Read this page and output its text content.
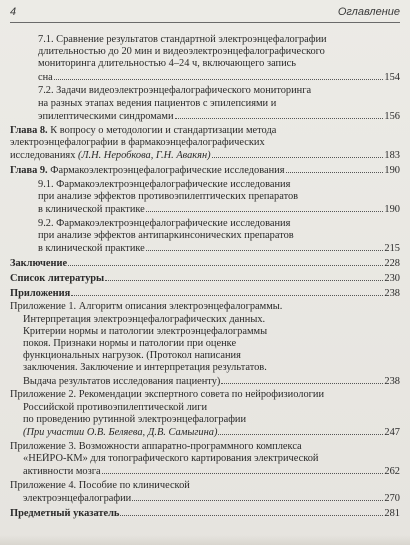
4	Оглавление
7.1. Сравнение результатов стандартной электроэнцефалографии
длительностью до 20 мин и видеоэлектроэнцефалографического
мониторинга длительностью 4–24 ч, включающего запись
сна	154
7.2. Задачи видеоэлектроэнцефалографического мониторинга
на разных этапах ведения пациентов с эпилепсиями и
эпилептическими синдромами	156
Глава 8. К вопросу о методологии и стандартизации метода
электроэнцефалографии в фармакоэнцефалографических
исследованиях (Л.Н. Неробкова, Г.Н. Авакян)	183
Глава 9. Фармакоэлектроэнцефалографические исследования	190
9.1. Фармакоэлектроэнцефалографические исследования
при анализе эффектов противоэпилептических препаратов
в клинической практике	190
9.2. Фармакоэлектроэнцефалографические исследования
при анализе эффектов антипаркинсонических препаратов
в клинической практике	215
Заключение	228
Список литературы	230
Приложения	238
Приложение 1. Алгоритм описания электроэнцефалограммы.
Интерпретация электроэнцефалографических данных.
Критерии нормы и патологии электроэнцефалограммы
покоя. Признаки нормы и патологии при оценке
функциональных нагрузок. (Протокол написания
заключения. Заключение и интерпретация результатов.
Выдача результатов исследования пациенту)	238
Приложение 2. Рекомендации экспертного совета по нейрофизиологии
Российской противоэпилептической лиги
по проведению рутинной электроэнцефалографии
(При участии О.В. Беляева, Д.В. Самыгина)	247
Приложение 3. Возможности аппаратно-программного комплекса
«НЕЙРО-КМ» для топографического картирования электрической
активности мозга	262
Приложение 4. Пособие по клинической
электроэнцефалографии	270
Предметный указатель	281
